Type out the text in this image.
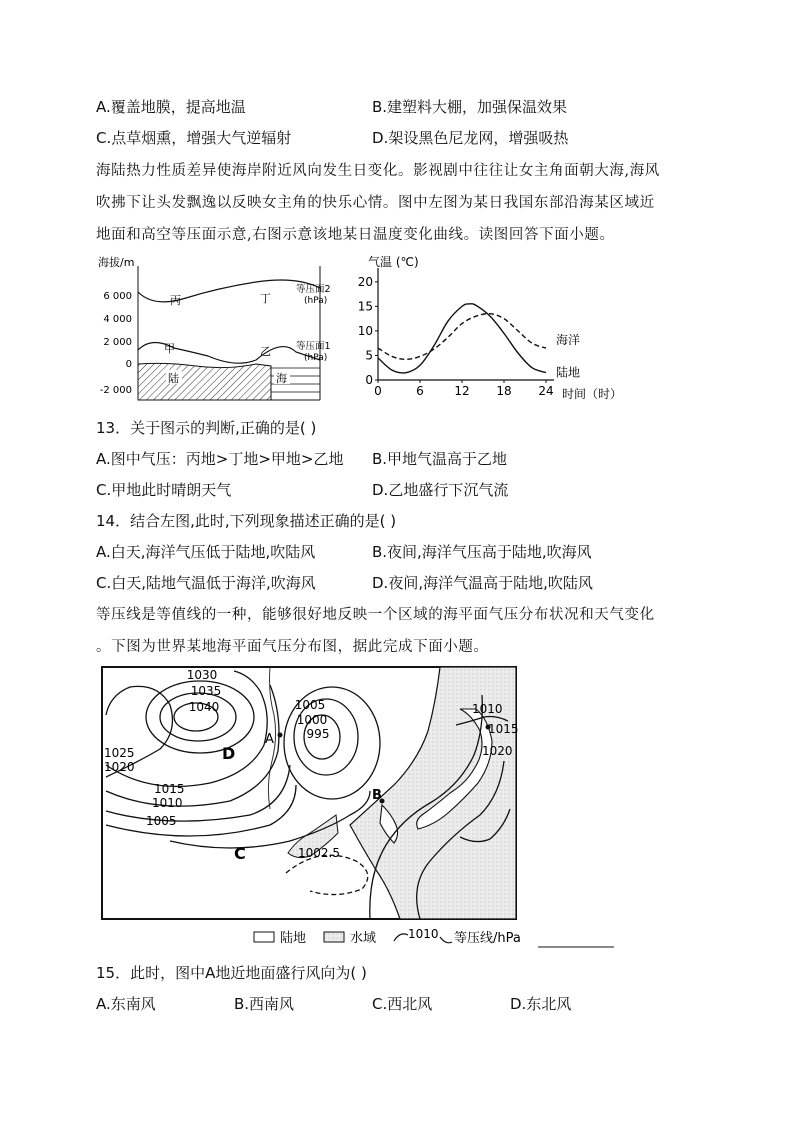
A.覆盖地膜，提高地温	B.建塑料大棚，加强保温效果
C.点草烟熏，增强大气逆辐射	D.架设黑色尼龙网，增强吸热
海陆热力性质差异使海岸附近风向发生日变化。影视剧中往往让女主角面朝大海,海风
吹拂下让头发飘逸以反映女主角的快乐心情。图中左图为某日我国东部沿海某区域近
地面和高空等压面示意,右图示意该地某日温度变化曲线。读图回答下面小题。
海拔/m
6 000
4 000
2 000
0
-2 000
丙	丁
甲	乙
陆	海
等压面2
(hPa)
等压面1
(hPa)
气温 (℃)
时间（时）
海洋
陆地
0	6	12 18 24
0
5
10
15
20
13．关于图示的判断,正确的是( )
A.图中气压：丙地>丁地>甲地>乙地 B.甲地气温高于乙地
C.甲地此时晴朗天气	D.乙地盛行下沉气流
14．结合左图,此时,下列现象描述正确的是( )
A.白天,海洋气压低于陆地,吹陆风	B.夜间,海洋气压高于陆地,吹海风
C.白天,陆地气温低于海洋,吹海风	D.夜间,海洋气温高于陆地,吹陆风
等压线是等值线的一种，能够很好地反映一个区域的海平面气压分布状况和天气变化
。下图为世界某地海平面气压分布图，据此完成下面小题。
1030
1035
1040
1025
1020
1015
1010
1005
1005
1000
995
1002.5
1010
1015
1020
A
B
C
D
陆地	水域	1010 等压线/hPa
15．此时，图中A地近地面盛行风向为( )
A.东南风	B.西南风	C.西北风	D.东北风
